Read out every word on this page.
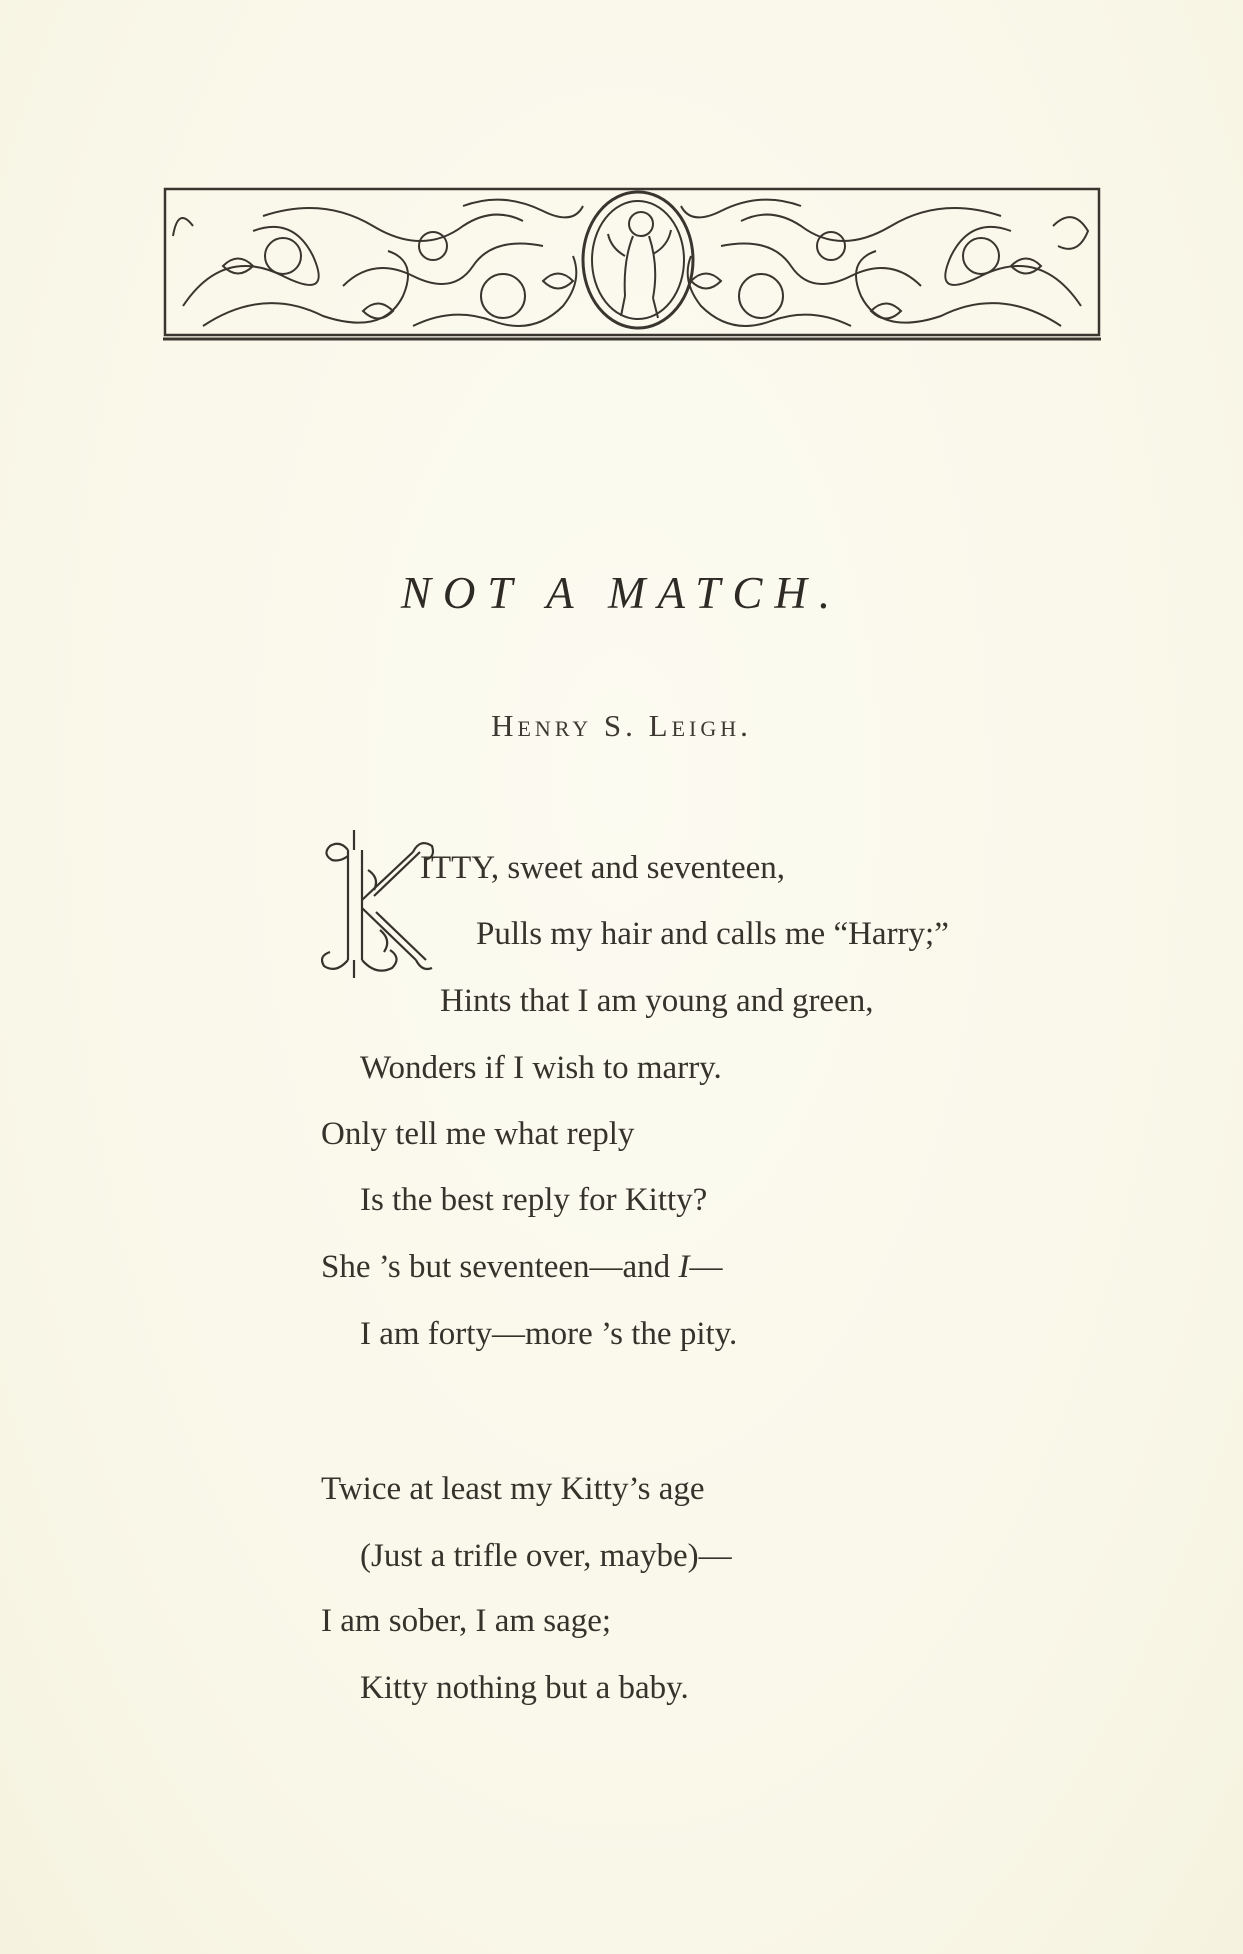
NOT A MATCH.

Henry S. Leigh.

ITTY, sweet and seventeen,

Pulls my hair and calls me “Harry;”

Hints that I am young and green,

Wonders if I wish to marry.

Only tell me what reply

Is the best reply for Kitty?

She ’s but seventeen—and I—

I am forty—more ’s the pity.

Twice at least my Kitty’s age

(Just a trifle over, maybe)—

I am sober, I am sage;

Kitty nothing but a baby.
